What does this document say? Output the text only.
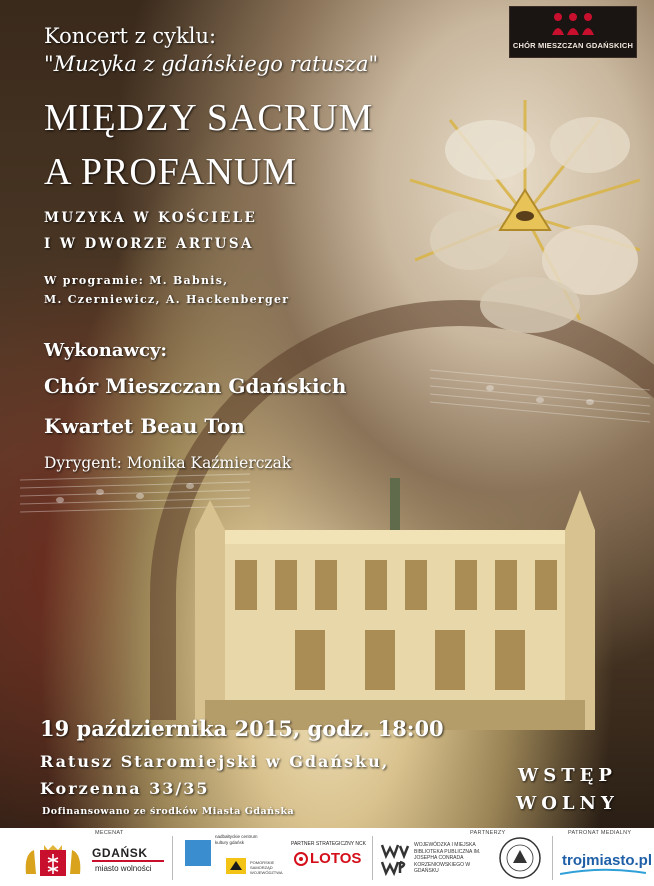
CHÓR MIESZCZAN GDAŃSKICH
Koncert z cyklu:
"Muzyka z gdańskiego ratusza"
MIĘDZY SACRUM
A PROFANUM
MUZYKA W KOŚCIELE
I W DWORZE ARTUSA
W programie: M. Babnis,
M. Czerniewicz, A. Hackenberger
Wykonawcy:
Chór Mieszczan Gdańskich
Kwartet Beau Ton
Dyrygent: Monika Kaźmierczak
19 października 2015, godz. 18:00
Ratusz Staromiejski w Gdańsku,
Korzenna 33/35
Dofinansowano ze środków Miasta Gdańska
WSTĘP
WOLNY
MECENAT
GDAŃSK
miasto wolności
nadbałtyckie centrum kultury gdańsk
POMORSKIE SAMORZĄD WOJEWÓDZTWA
PARTNER STRATEGICZNY NCK
LOTOS
PARTNERZY
WOJEWÓDZKA I MIEJSKA BIBLIOTEKA PUBLICZNA IM. JOSEPHA CONRADA KORZENIOWSKIEGO W GDAŃSKU
PATRONAT MEDIALNY
trojmiasto.pl
